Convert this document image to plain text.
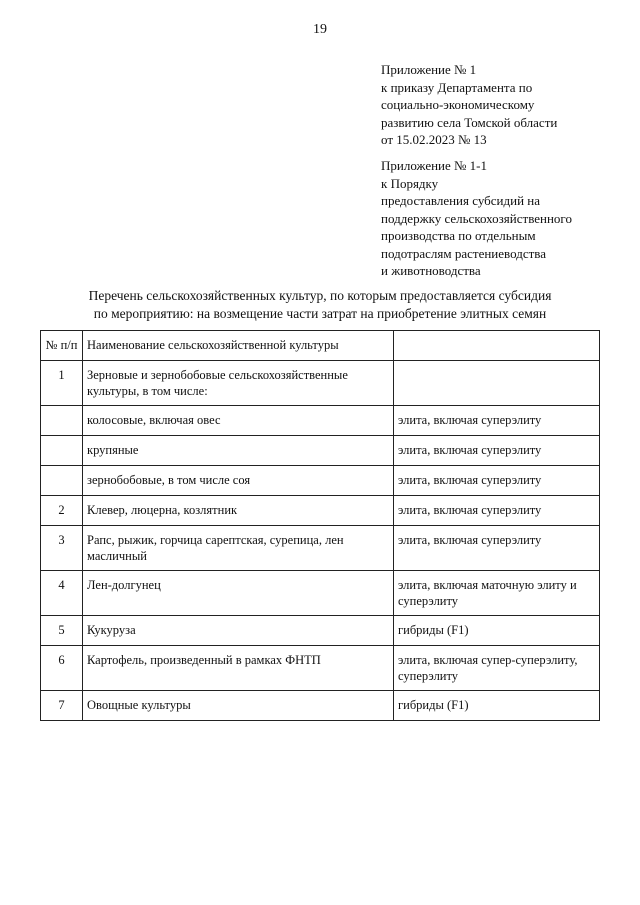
19
Приложение № 1
к приказу Департамента по
социально-экономическому
развитию села Томской области
от 15.02.2023 № 13
Приложение № 1-1
к Порядку
предоставления субсидий на
поддержку сельскохозяйственного
производства по отдельным
подотраслям растениеводства
и животноводства
Перечень сельскохозяйственных культур, по которым предоставляется субсидия
по мероприятию: на возмещение части затрат на приобретение элитных семян
№ п/п	Наименование сельскохозяйственной культуры	
1	Зерновые и зернобобовые сельскохозяйственные культуры, в том числе:	
	колосовые, включая овес	элита, включая суперэлиту
	крупяные	элита, включая суперэлиту
	зернобобовые, в том числе соя	элита, включая суперэлиту
2	Клевер, люцерна, козлятник	элита, включая суперэлиту
3	Рапс, рыжик, горчица сарептская, сурепица, лен масличный	элита, включая суперэлиту
4	Лен-долгунец	элита, включая маточную элиту и суперэлиту
5	Кукуруза	гибриды (F1)
6	Картофель, произведенный в рамках ФНТП	элита, включая супер-суперэлиту, суперэлиту
7	Овощные культуры	гибриды (F1)
